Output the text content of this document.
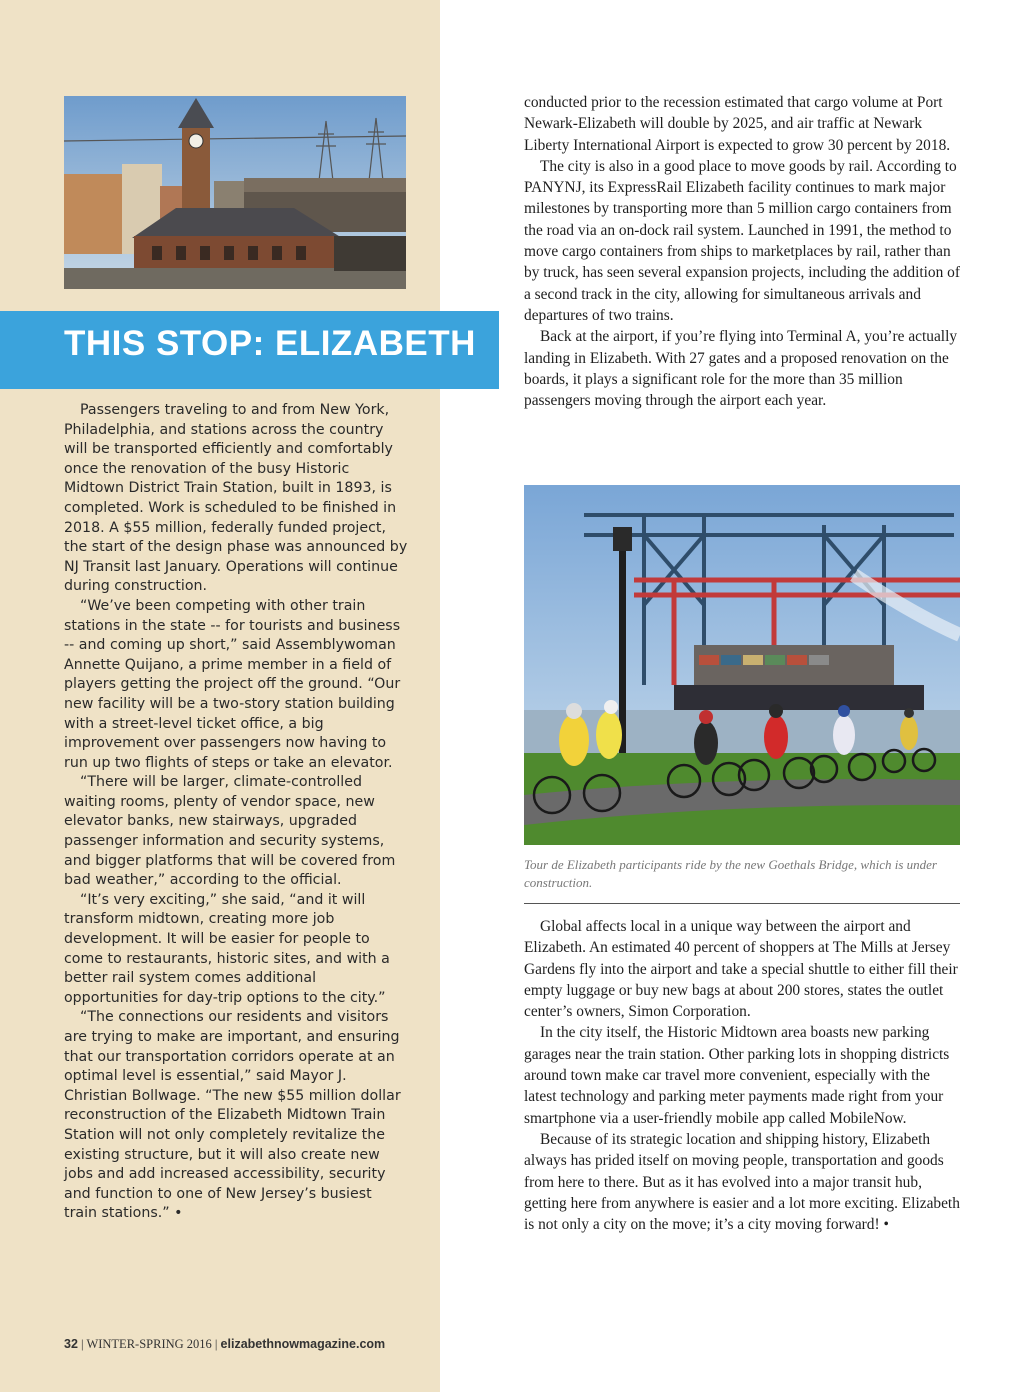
Passengers traveling to and from New York, Philadelphia, and stations across the country will be transported efficiently and comfortably once the renovation of the busy Historic Midtown District Train Station, built in 1893, is completed. Work is scheduled to be finished in 2018. A $55 million, federally funded project, the start of the design phase was announced by NJ Transit last January. Operations will continue during construction.

“We’ve been competing with other train stations in the state -- for tourists and business -- and coming up short,” said Assemblywoman Annette Quijano, a prime member in a field of players getting the project off the ground. “Our new facility will be a two-story station building with a street-level ticket office, a big improvement over passengers now having to run up two flights of steps or take an elevator.

“There will be larger, climate-controlled waiting rooms, plenty of vendor space, new elevator banks, new stairways, upgraded passenger information and security systems, and bigger platforms that will be covered from bad weather,” according to the official.

“It’s very exciting,” she said, “and it will transform midtown, creating more job development. It will be easier for people to come to restaurants, historic sites, and with a better rail system comes additional opportunities for day-trip options to the city.”

“The connections our residents and visitors are trying to make are important, and ensuring that our transportation corridors operate at an optimal level is essential,” said Mayor J. Christian Bollwage. “The new $55 million dollar reconstruction of the Elizabeth Midtown Train Station will not only completely revitalize the existing structure, but it will also create new jobs and add increased accessibility, security and function to one of New Jersey’s busiest train stations.” •

32 | WINTER-SPRING 2016 | elizabethnowmagazine.com
THIS STOP: ELIZABETH

conducted prior to the recession estimated that cargo volume at Port Newark-Elizabeth will double by 2025, and air traffic at Newark Liberty International Airport is expected to grow 30 percent by 2018.

The city is also in a good place to move goods by rail. According to PANYNJ, its ExpressRail Elizabeth facility continues to mark major milestones by transporting more than 5 million cargo containers from the road via an on-dock rail system. Launched in 1991, the method to move cargo containers from ships to marketplaces by rail, rather than by truck, has seen several expansion projects, including the addition of a second track in the city, allowing for simultaneous arrivals and departures of two trains.

Back at the airport, if you’re flying into Terminal A, you’re actually landing in Elizabeth. With 27 gates and a proposed renovation on the boards, it plays a significant role for the more than 35 million passengers moving through the airport each year.

Tour de Elizabeth participants ride by the new Goethals Bridge, which is under construction.

Global affects local in a unique way between the airport and Elizabeth. An estimated 40 percent of shoppers at The Mills at Jersey Gardens fly into the airport and take a special shuttle to either fill their empty luggage or buy new bags at about 200 stores, states the outlet center’s owners, Simon Corporation.

In the city itself, the Historic Midtown area boasts new parking garages near the train station. Other parking lots in shopping districts around town make car travel more convenient, especially with the latest technology and parking meter payments made right from your smartphone via a user-friendly mobile app called MobileNow.

Because of its strategic location and shipping history, Elizabeth always has prided itself on moving people, transportation and goods from here to there. But as it has evolved into a major transit hub, getting here from anywhere is easier and a lot more exciting. Elizabeth is not only a city on the move; it’s a city moving forward! •
